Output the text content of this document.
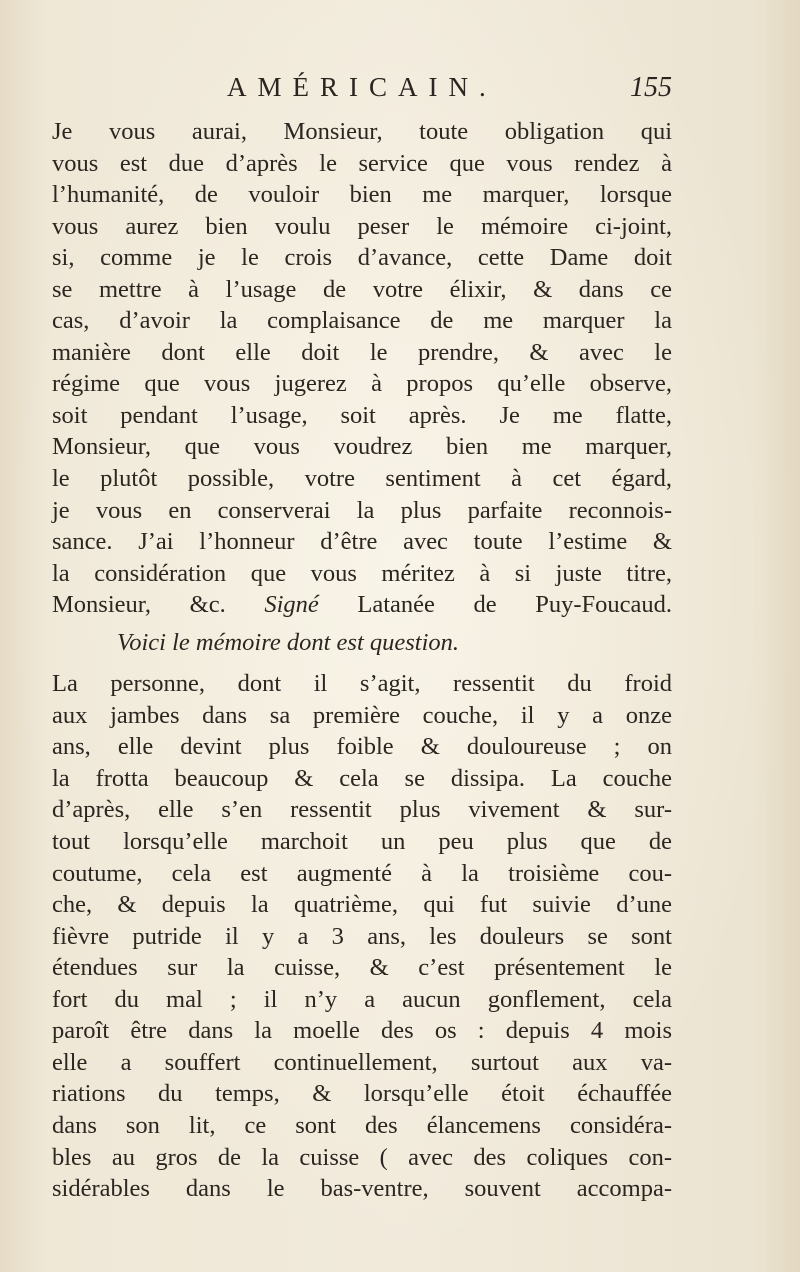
AMÉRICAIN.	155
Je vous aurai, Monsieur, toute obligation qui
vous est due d’après le service que vous rendez à
l’humanité, de vouloir bien me marquer, lorsque
vous aurez bien voulu peser le mémoire ci-joint,
si, comme je le crois d’avance, cette Dame doit
se mettre à l’usage de votre élixir, & dans ce
cas, d’avoir la complaisance de me marquer la
manière dont elle doit le prendre, & avec le
régime que vous jugerez à propos qu’elle observe,
soit pendant l’usage, soit après. Je me flatte,
Monsieur, que vous voudrez bien me marquer,
le plutôt possible, votre sentiment à cet égard,
je vous en conserverai la plus parfaite reconnois-
sance. J’ai l’honneur d’être avec toute l’estime &
la considération que vous méritez à si juste titre,
Monsieur, &c. Signé Latanée de Puy-Foucaud.
Voici le mémoire dont est question.
La personne, dont il s’agit, ressentit du froid
aux jambes dans sa première couche, il y a onze
ans, elle devint plus foible & douloureuse ; on
la frotta beaucoup & cela se dissipa. La couche
d’après, elle s’en ressentit plus vivement & sur-
tout lorsqu’elle marchoit un peu plus que de
coutume, cela est augmenté à la troisième cou-
che, & depuis la quatrième, qui fut suivie d’une
fièvre putride il y a 3 ans, les douleurs se sont
étendues sur la cuisse, & c’est présentement le
fort du mal ; il n’y a aucun gonflement, cela
paroît être dans la moelle des os : depuis 4 mois
elle a souffert continuellement, surtout aux va-
riations du temps, & lorsqu’elle étoit échauffée
dans son lit, ce sont des élancemens considéra-
bles au gros de la cuisse ( avec des coliques con-
sidérables dans le bas-ventre, souvent accompa-
